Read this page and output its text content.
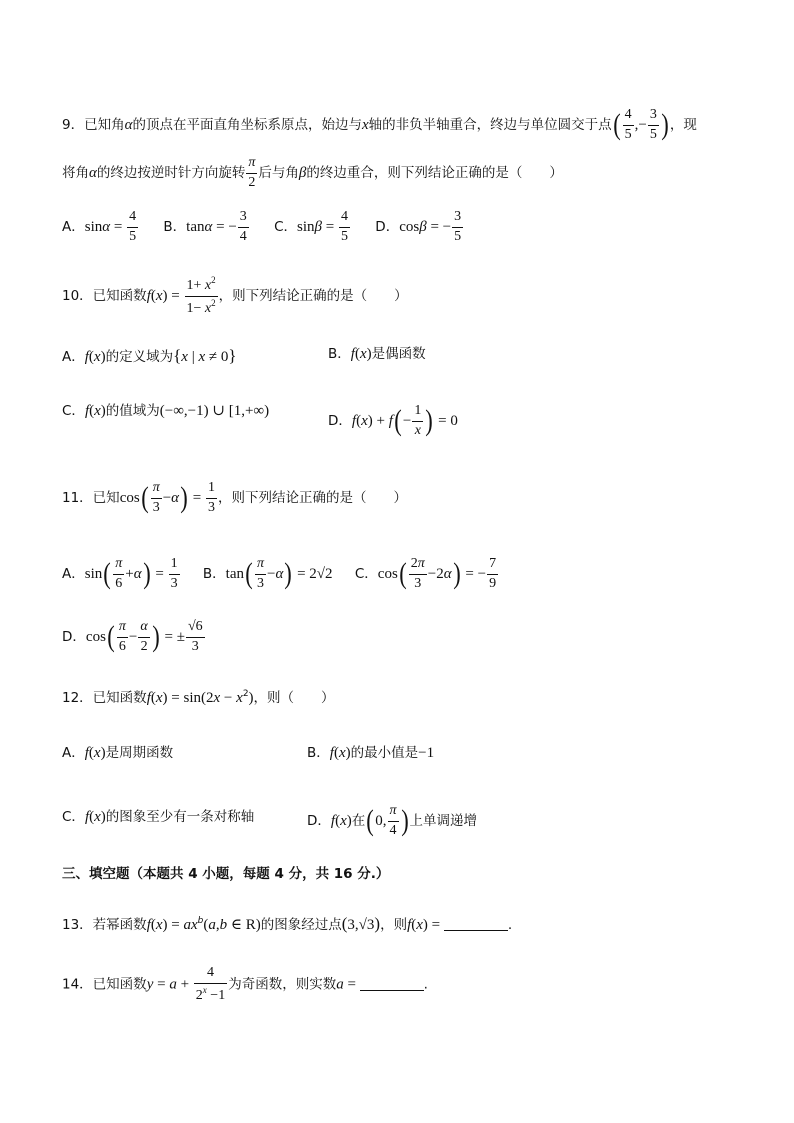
9．已知角α的顶点在平面直角坐标系原点，始边与x轴的非负半轴重合，终边与单位圆交于点( $\frac{4}{5}$ ,− $\frac{3}{5}$ )，现
将角α的终边按逆时针方向旋转 $\frac{\pi}{2}$ 后与角β的终边重合，则下列结论正确的是（　　）
A．$\sin\alpha = \frac{4}{5}$ B．tanα = − $\frac{3}{4}$ C．$\sin\beta = \frac{4}{5}$ D．cosβ = − $\frac{3}{5}$
10．已知函数$f(x) = \frac{1+ x^2}{1- x^2}$ ，则下列结论正确的是（　　）
A．f(x)的定义域为{x | x ≠ 0}	B．f(x)是偶函数
C．f(x)的值域为(−∞,−1) ∪ [1,+∞)
D．$f(x) + f(- \frac{1}{x}$ ) = 0
11．已知$\cos( \frac{\pi}{3} -\alpha) = \frac{1}{3}$ ，则下列结论正确的是（　　）
A．$\sin( \frac{\pi}{6} +\alpha) = \frac{1}{3}$ B．$\tan( \frac{\pi}{3} -\alpha) = 2√2$ C．$\cos( \frac{2\pi}{3} -2\alpha)$ = − $\frac{7}{9}$
D．$\cos( \frac{\pi}{6} - \frac{\alpha}{2}$ ) = ± $\frac{√6}{3}$
12．已知函数$f(x) = \sin(2x - x^2)$，则（　　）
A．f(x)是周期函数	B．f(x)的最小值是−1
C．f(x)的图象至少有一条对称轴	D．f(x)在(0, $\frac{\pi}{4}$ )上单调递增
三、填空题（本题共 4 小题，每题 4 分，共 16 分.）
13．若幂函数$f(x) = ax^b(a,b$ ∈ R)的图象经过点(3,√3)，则f(x) =	.
14．已知函数$y = a + \frac{4}{2^x -1}$ 为奇函数，则实数a =	.
